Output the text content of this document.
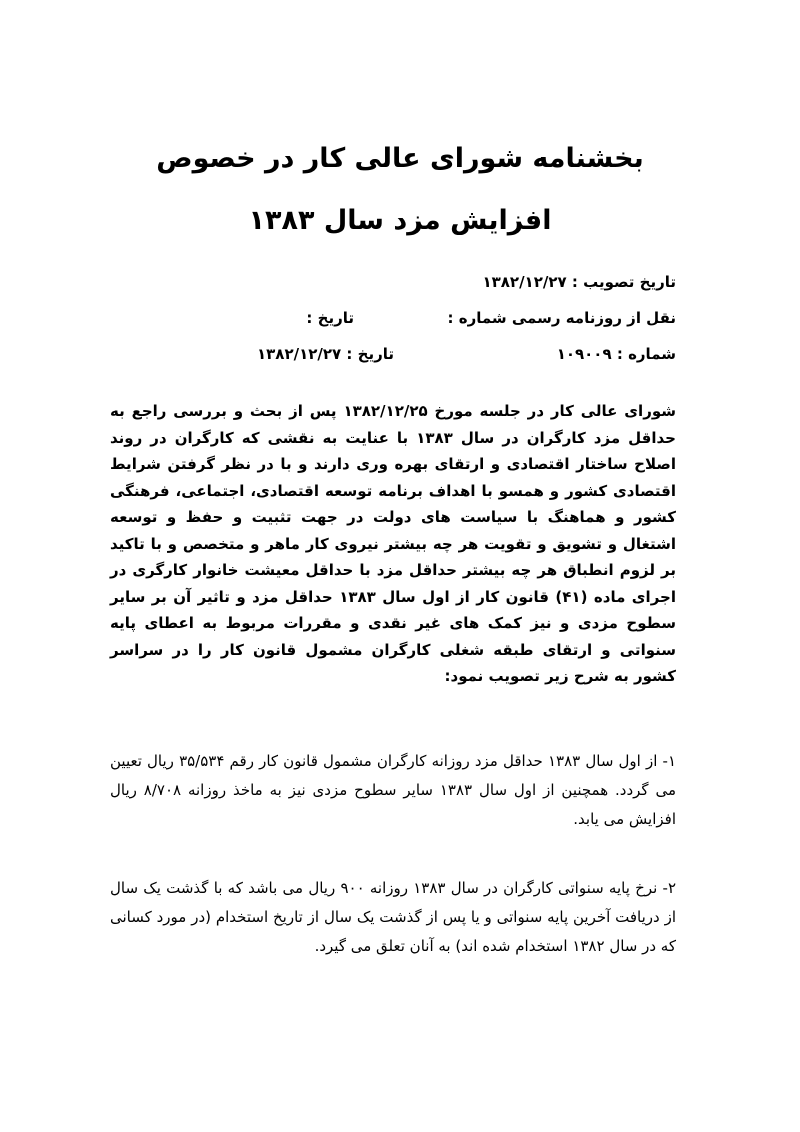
بخشنامه شورای عالی کار در خصوص افزایش مزد سال ۱۳۸۳
تاریخ تصویب : ۱۳۸۲/۱۲/۲۷
نقل از روزنامه رسمی شماره :
تاریخ :
شماره : ۱۰۹۰۰۹
تاریخ : ۱۳۸۲/۱۲/۲۷

شورای عالی کار در جلسه مورخ ۱۳۸۲/۱۲/۲۵ پس از بحث و بررسی راجع به حداقل مزد کارگران در سال ۱۳۸۳ با عنایت به نقشی که کارگران در روند اصلاح ساختار اقتصادی و ارتقای بهره وری دارند و با در نظر گرفتن شرایط اقتصادی کشور و همسو با اهداف برنامه توسعه اقتصادی، اجتماعی، فرهنگی کشور و هماهنگ با سیاست های دولت در جهت تثبیت و حفظ و توسعه اشتغال و تشویق و تقویت هر چه بیشتر نیروی کار ماهر و متخصص و با تاکید بر لزوم انطباق هر چه بیشتر حداقل مزد با حداقل معیشت خانوار کارگری در اجرای ماده (۴۱) قانون کار از اول سال ۱۳۸۳ حداقل مزد و تاثیر آن بر سایر سطوح مزدی و نیز کمک های غیر نقدی و مقررات مربوط به اعطای پایه سنواتی و ارتقای طبقه شغلی کارگران مشمول قانون کار را در سراسر کشور به شرح زیر تصویب نمود:

۱- از اول سال ۱۳۸۳ حداقل مزد روزانه کارگران مشمول قانون کار رقم ۳۵/۵۳۴ ریال تعیین می گردد. همچنین از اول سال ۱۳۸۳ سایر سطوح مزدی نیز به ماخذ روزانه ۸/۷۰۸ ریال افزایش می یابد.

۲- نرخ پایه سنواتی کارگران در سال ۱۳۸۳ روزانه ۹۰۰ ریال می باشد که با گذشت یک سال از دریافت آخرین پایه سنواتی و یا پس از گذشت یک سال از تاریخ استخدام (در مورد کسانی که در سال ۱۳۸۲ استخدام شده اند) به آنان تعلق می گیرد.
